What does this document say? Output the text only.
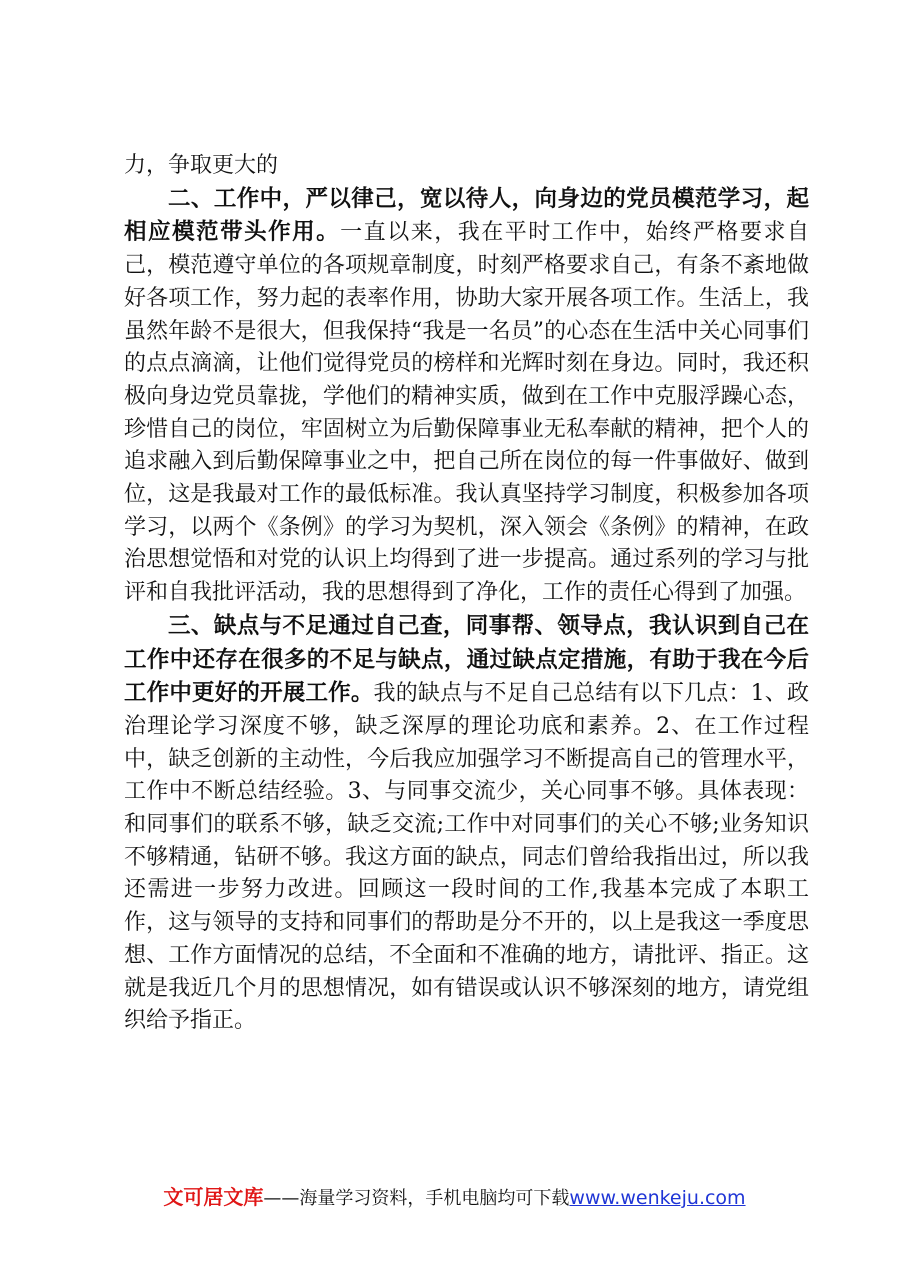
力，争取更大的

二、工作中，严以律己，宽以待人，向身边的党员模范学习，起相应模范带头作用。一直以来，我在平时工作中，始终严格要求自己，模范遵守单位的各项规章制度，时刻严格要求自己，有条不紊地做好各项工作，努力起的表率作用，协助大家开展各项工作。生活上，我虽然年龄不是很大，但我保持“我是一名员”的心态在生活中关心同事们的点点滴滴，让他们觉得党员的榜样和光辉时刻在身边。同时，我还积极向身边党员靠拢，学他们的精神实质，做到在工作中克服浮躁心态，珍惜自己的岗位，牢固树立为后勤保障事业无私奉献的精神，把个人的追求融入到后勤保障事业之中，把自己所在岗位的每一件事做好、做到位，这是我最对工作的最低标准。我认真坚持学习制度，积极参加各项学习，以两个《条例》的学习为契机，深入领会《条例》的精神，在政治思想觉悟和对党的认识上均得到了进一步提高。通过系列的学习与批评和自我批评活动，我的思想得到了净化，工作的责任心得到了加强。

三、缺点与不足通过自己查，同事帮、领导点，我认识到自己在工作中还存在很多的不足与缺点，通过缺点定措施，有助于我在今后工作中更好的开展工作。我的缺点与不足自己总结有以下几点：1、政治理论学习深度不够，缺乏深厚的理论功底和素养。2、在工作过程中，缺乏创新的主动性，今后我应加强学习不断提高自己的管理水平，工作中不断总结经验。3、与同事交流少，关心同事不够。具体表现：和同事们的联系不够，缺乏交流;工作中对同事们的关心不够;业务知识不够精通，钻研不够。我这方面的缺点，同志们曾给我指出过，所以我还需进一步努力改进。回顾这一段时间的工作,我基本完成了本职工作，这与领导的支持和同事们的帮助是分不开的，以上是我这一季度思想、工作方面情况的总结，不全面和不准确的地方，请批评、指正。这就是我近几个月的思想情况，如有错误或认识不够深刻的地方，请党组织给予指正。

文可居文库——海量学习资料，手机电脑均可下载www.wenkeju.com
